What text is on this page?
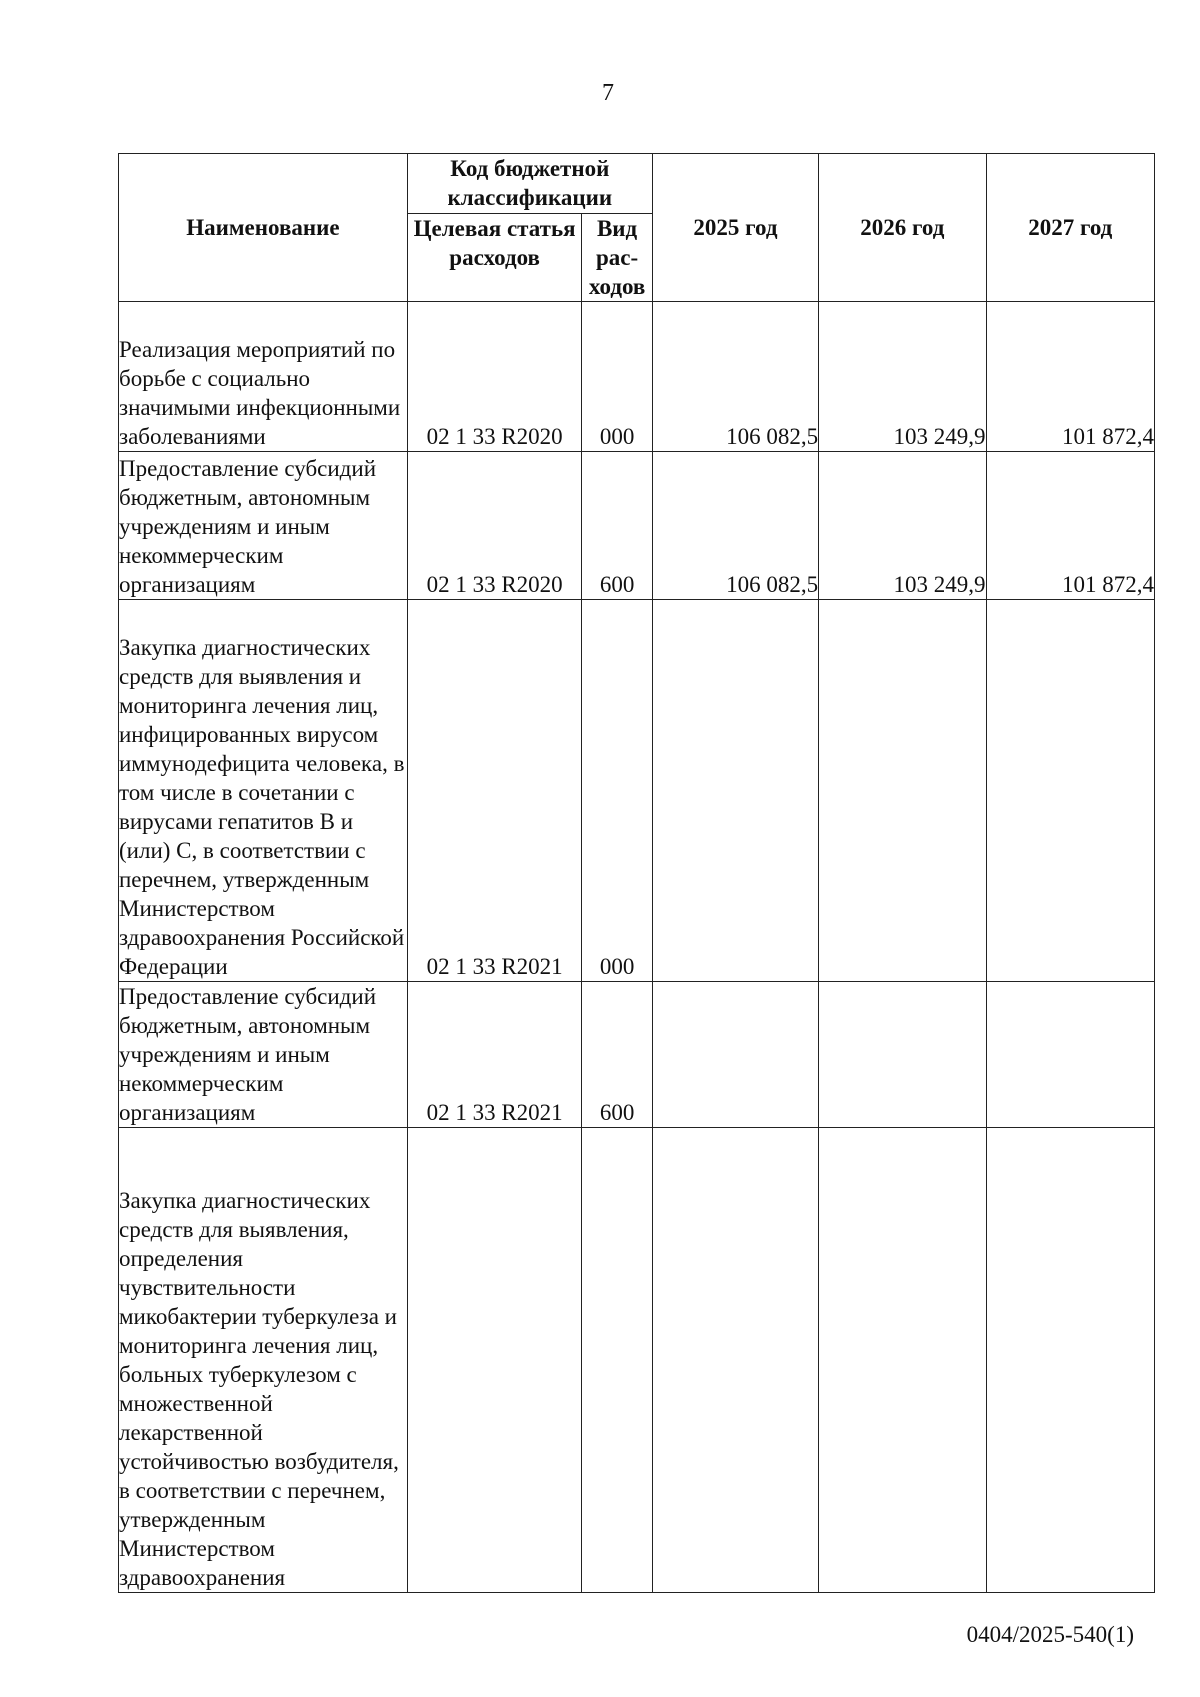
7
Наименование	Код бюджетной классификации		2025 год	2026 год	2027 год
	Целевая статья расходов	Вид рас-ходов			
Реализация мероприятий по борьбе с социально значимыми инфекционными заболеваниями	02 1 33 R2020	000	106 082,5	103 249,9	101 872,4
Предоставление субсидий бюджетным, автономным учреждениям и иным некоммерческим организациям	02 1 33 R2020	600	106 082,5	103 249,9	101 872,4
Закупка диагностических средств для выявления и мониторинга лечения лиц, инфицированных вирусом иммунодефицита человека, в том числе в сочетании с вирусами гепатитов B и (или) C, в соответствии с перечнем, утвержденным Министерством здравоохранения Российской Федерации	02 1 33 R2021	000			
Предоставление субсидий бюджетным, автономным учреждениям и иным некоммерческим организациям	02 1 33 R2021	600			
Закупка диагностических средств для выявления, определения чувствительности микобактерии туберкулеза и мониторинга лечения лиц, больных туберкулезом с множественной лекарственной устойчивостью возбудителя, в соответствии с перечнем, утвержденным Министерством здравоохранения					
0404/2025-540(1)
